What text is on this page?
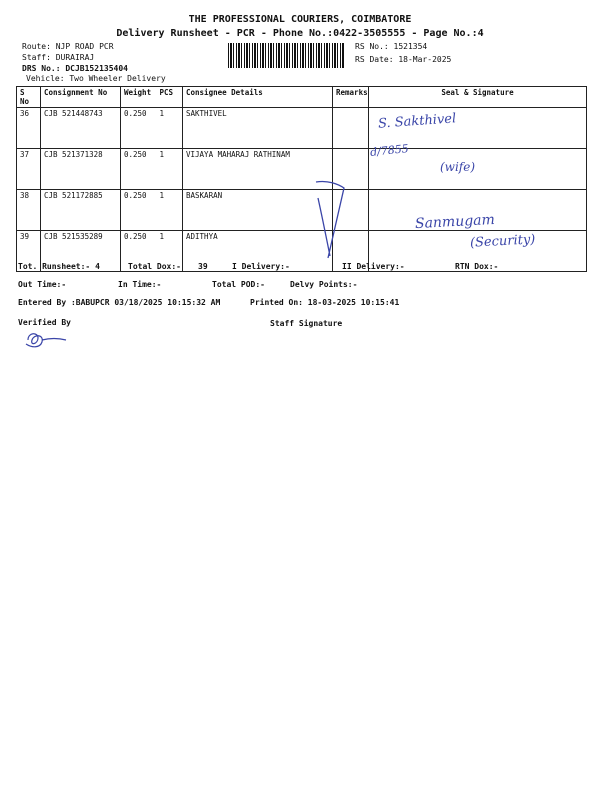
THE PROFESSIONAL COURIERS, COIMBATORE
Delivery Runsheet - PCR - Phone No.:0422-3505555 - Page No.:4
Route: NJP ROAD PCR
Staff: DURAIRAJ
DRS No.: DCJB152135404
Vehicle: Two Wheeler Delivery
RS No.: 1521354
RS Date: 18-Mar-2025
S No	Consignment No	Weight	PCS	Consignee Details	Remarks	Seal & Signature
36	CJB 521448743	0.250	1	SAKTHIVEL		
37	CJB 521371328	0.250	1	VIJAYA MAHARAJ RATHINAM		
38	CJB 521172885	0.250	1	BASKARAN		
39	CJB 521535289	0.250	1	ADITHYA		
S. Sakthivel
d/7855
(wife)
Sanmugam
(Security)
Tot. Runsheet:- 4	Total Dox:- 39	I Delivery:-	II Delivery:-	RTN Dox:-
Out Time:-	In Time:-	Total POD:-	Delvy Points:-
Entered By :BABUPCR 03/18/2025 10:15:32 AM	Printed On: 18-03-2025 10:15:41
Verified By	Staff Signature
